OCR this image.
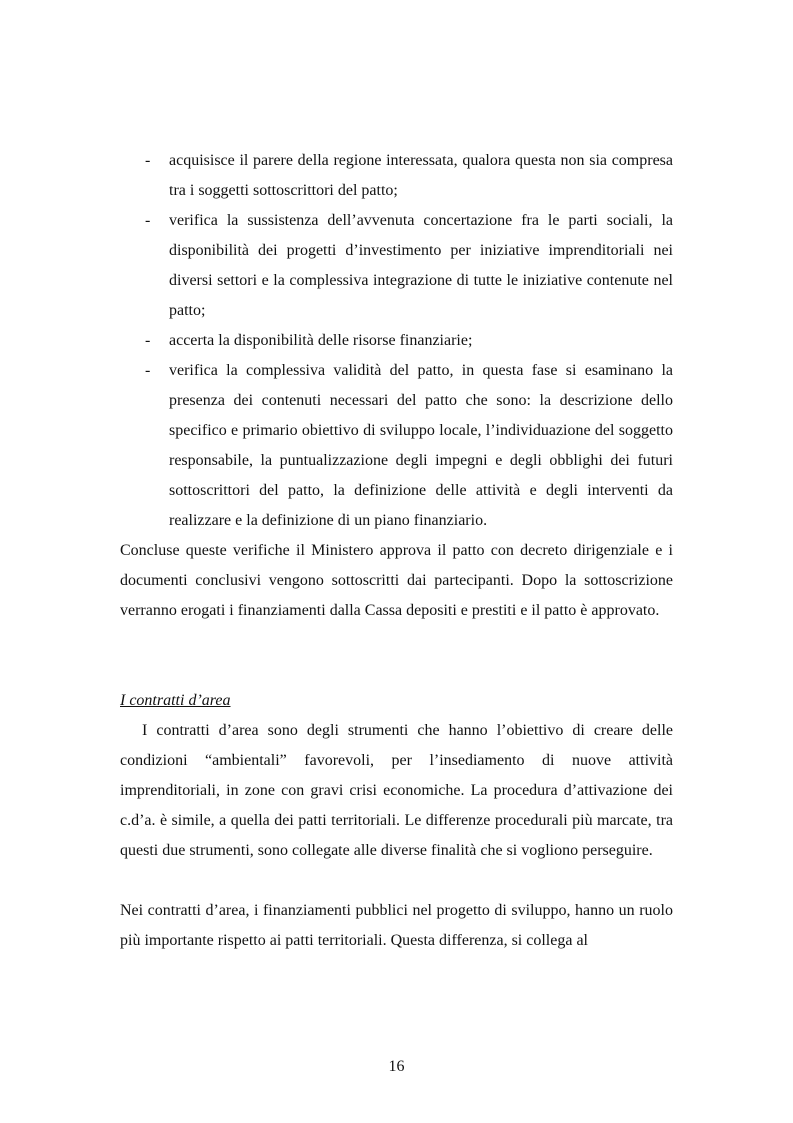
- acquisisce il parere della regione interessata, qualora questa non sia compresa tra i soggetti sottoscrittori del patto;
- verifica la sussistenza dell’avvenuta concertazione fra le parti sociali, la disponibilità dei progetti d’investimento per iniziative imprenditoriali nei diversi settori e la complessiva integrazione di tutte le iniziative contenute nel patto;
- accerta la disponibilità delle risorse finanziarie;
- verifica la complessiva validità del patto, in questa fase si esaminano la presenza dei contenuti necessari del patto che sono: la descrizione dello specifico e primario obiettivo di sviluppo locale, l’individuazione del soggetto responsabile, la puntualizzazione degli impegni e degli obblighi dei futuri sottoscrittori del patto, la definizione delle attività e degli interventi da realizzare e la definizione di un piano finanziario.

Concluse queste verifiche il Ministero approva il patto con decreto dirigenziale e i documenti conclusivi vengono sottoscritti dai partecipanti. Dopo la sottoscrizione verranno erogati i finanziamenti dalla Cassa depositi e prestiti e il patto è approvato.

I contratti d’area

I contratti d’area sono degli strumenti che hanno l’obiettivo di creare delle condizioni “ambientali” favorevoli, per l’insediamento di nuove attività imprenditoriali, in zone con gravi crisi economiche. La procedura d’attivazione dei c.d’a. è simile, a quella dei patti territoriali. Le differenze procedurali più marcate, tra questi due strumenti, sono collegate alle diverse finalità che si vogliono perseguire.

Nei contratti d’area, i finanziamenti pubblici nel progetto di sviluppo, hanno un ruolo più importante rispetto ai patti territoriali. Questa differenza, si collega al

16
